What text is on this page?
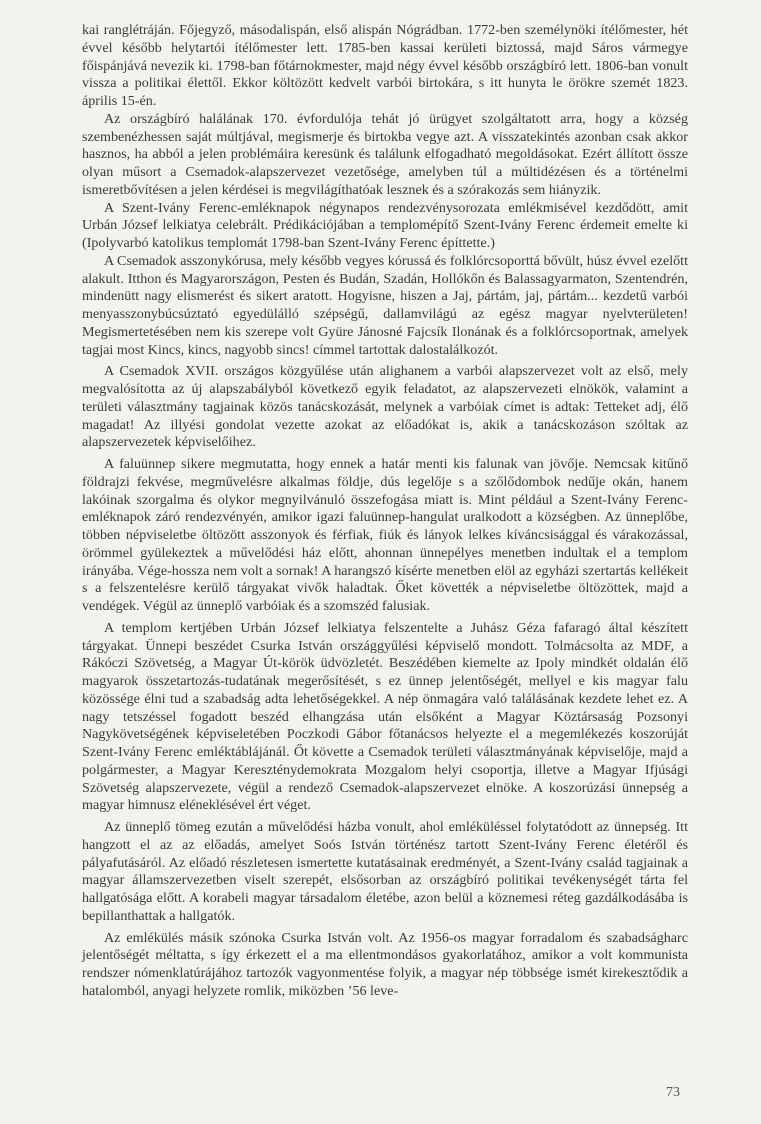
kai ranglétráján. Főjegyző, másodalispán, első alispán Nógrádban. 1772-ben személynöki ítélőmester, hét évvel később helytartói ítélőmester lett. 1785-ben kassai kerületi biztossá, majd Sáros vármegye főispánjává nevezik ki. 1798-ban főtárnokmester, majd négy évvel később országbíró lett. 1806-ban vonult vissza a politikai élettől. Ekkor költözött kedvelt varbói birtokára, s itt hunyta le örökre szemét 1823. április 15-én.

Az országbíró halálának 170. évfordulója tehát jó ürügyet szolgáltatott arra, hogy a község szembenézhessen saját múltjával, megismerje és birtokba vegye azt. A visszatekintés azonban csak akkor hasznos, ha abból a jelen problémáira keresünk és találunk elfogadható megoldásokat. Ezért állított össze olyan műsort a Csemadok-alapszervezet vezetősége, amelyben túl a múltidézésen és a történelmi ismeretbővítésen a jelen kérdései is megvilágíthatóak lesznek és a szórakozás sem hiányzik.

A Szent-Ivány Ferenc-emléknapok négynapos rendezvénysorozata emlékmisével kezdődött, amit Urbán József lelkiatya celebrált. Prédikációjában a templomépítő Szent-Ivány Ferenc érdemeit emelte ki (Ipolyvarbó katolikus templomát 1798-ban Szent-Ivány Ferenc építtette.)

A Csemadok asszonykórusa, mely később vegyes kórussá és folklórcsoporttá bővült, húsz évvel ezelőtt alakult. Itthon és Magyarországon, Pesten és Budán, Szadán, Hollókőn és Balassagyarmaton, Szentendrén, mindenütt nagy elismerést és sikert aratott. Hogyisne, hiszen a Jaj, pártám, jaj, pártám... kezdetű varbói menyasszonybúcsúztató egyedülálló szépségű, dallamvilágú az egész magyar nyelvterületen! Megismertetésében nem kis szerepe volt Gyüre Jánosné Fajcsík Ilonának és a folklórcsoportnak, amelyek tagjai most Kincs, kincs, nagyobb sincs! címmel tartottak dalostalálkozót.

A Csemadok XVII. országos közgyűlése után alighanem a varbói alapszervezet volt az első, mely megvalósította az új alapszabályból következő egyik feladatot, az alapszervezeti elnökök, valamint a területi választmány tagjainak közös tanácskozását, melynek a varbóiak címet is adtak: Tetteket adj, élő magadat! Az illyési gondolat vezette azokat az előadókat is, akik a tanácskozáson szóltak az alapszervezetek képviselőihez.

A faluünnep sikere megmutatta, hogy ennek a határ menti kis falunak van jövője. Nemcsak kitűnő földrajzi fekvése, megművelésre alkalmas földje, dús legelője s a szőlődombok nedűje okán, hanem lakóinak szorgalma és olykor megnyilvánuló összefogása miatt is. Mint például a Szent-Ivány Ferenc-emléknapok záró rendezvényén, amikor igazi faluünnep-hangulat uralkodott a községben. Az ünneplőbe, többen népviseletbe öltözött asszonyok és férfiak, fiúk és lányok lelkes kíváncsisággal és várakozással, örömmel gyülekeztek a művelődési ház előtt, ahonnan ünnepélyes menetben indultak el a templom irányába. Vége-hossza nem volt a sornak! A harangszó kísérte menetben elöl az egyházi szertartás kellékeit s a felszentelésre kerülő tárgyakat vivők haladtak. Őket követték a népviseletbe öltözöttek, majd a vendégek. Végül az ünneplő varbóiak és a szomszéd falusiak.

A templom kertjében Urbán József lelkiatya felszentelte a Juhász Géza fafaragó által készített tárgyakat. Ünnepi beszédet Csurka István országgyűlési képviselő mondott. Tolmácsolta az MDF, a Rákóczi Szövetség, a Magyar Út-körök üdvözletét. Beszédében kiemelte az Ipoly mindkét oldalán élő magyarok összetartozás-tudatának megerősítését, s ez ünnep jelentőségét, mellyel e kis magyar falu közössége élni tud a szabadság adta lehetőségekkel. A nép önmagára való találásának kezdete lehet ez. A nagy tetszéssel fogadott beszéd elhangzása után elsőként a Magyar Köztársaság Pozsonyi Nagykövetségének képviseletében Poczkodi Gábor főtanácsos helyezte el a megemlékezés koszorúját Szent-Ivány Ferenc emléktáblájánál. Őt követte a Csemadok területi választmányának képviselője, majd a polgármester, a Magyar Kereszténydemokrata Mozgalom helyi csoportja, illetve a Magyar Ifjúsági Szövetség alapszervezete, végül a rendező Csemadok-alapszervezet elnöke. A koszorúzási ünnepség a magyar himnusz eléneklésével ért véget.

Az ünneplő tömeg ezután a művelődési házba vonult, ahol emléküléssel folytatódott az ünnepség. Itt hangzott el az az előadás, amelyet Soós István történész tartott Szent-Ivány Ferenc életéről és pályafutásáról. Az előadó részletesen ismertette kutatásainak eredményét, a Szent-Ivány család tagjainak a magyar államszervezetben viselt szerepét, elsősorban az országbíró politikai tevékenységét tárta fel hallgatósága előtt. A korabeli magyar társadalom életébe, azon belül a köznemesi réteg gazdálkodásába is bepillanthattak a hallgatók.

Az emlékülés másik szónoka Csurka István volt. Az 1956-os magyar forradalom és szabadságharc jelentőségét méltatta, s így érkezett el a ma ellentmondásos gyakorlatához, amikor a volt kommunista rendszer nómenklatúrájához tartozók vagyonmentése folyik, a magyar nép többsége ismét kirekesztődik a hatalomból, anyagi helyzete romlik, miközben ’56 leve-

73
